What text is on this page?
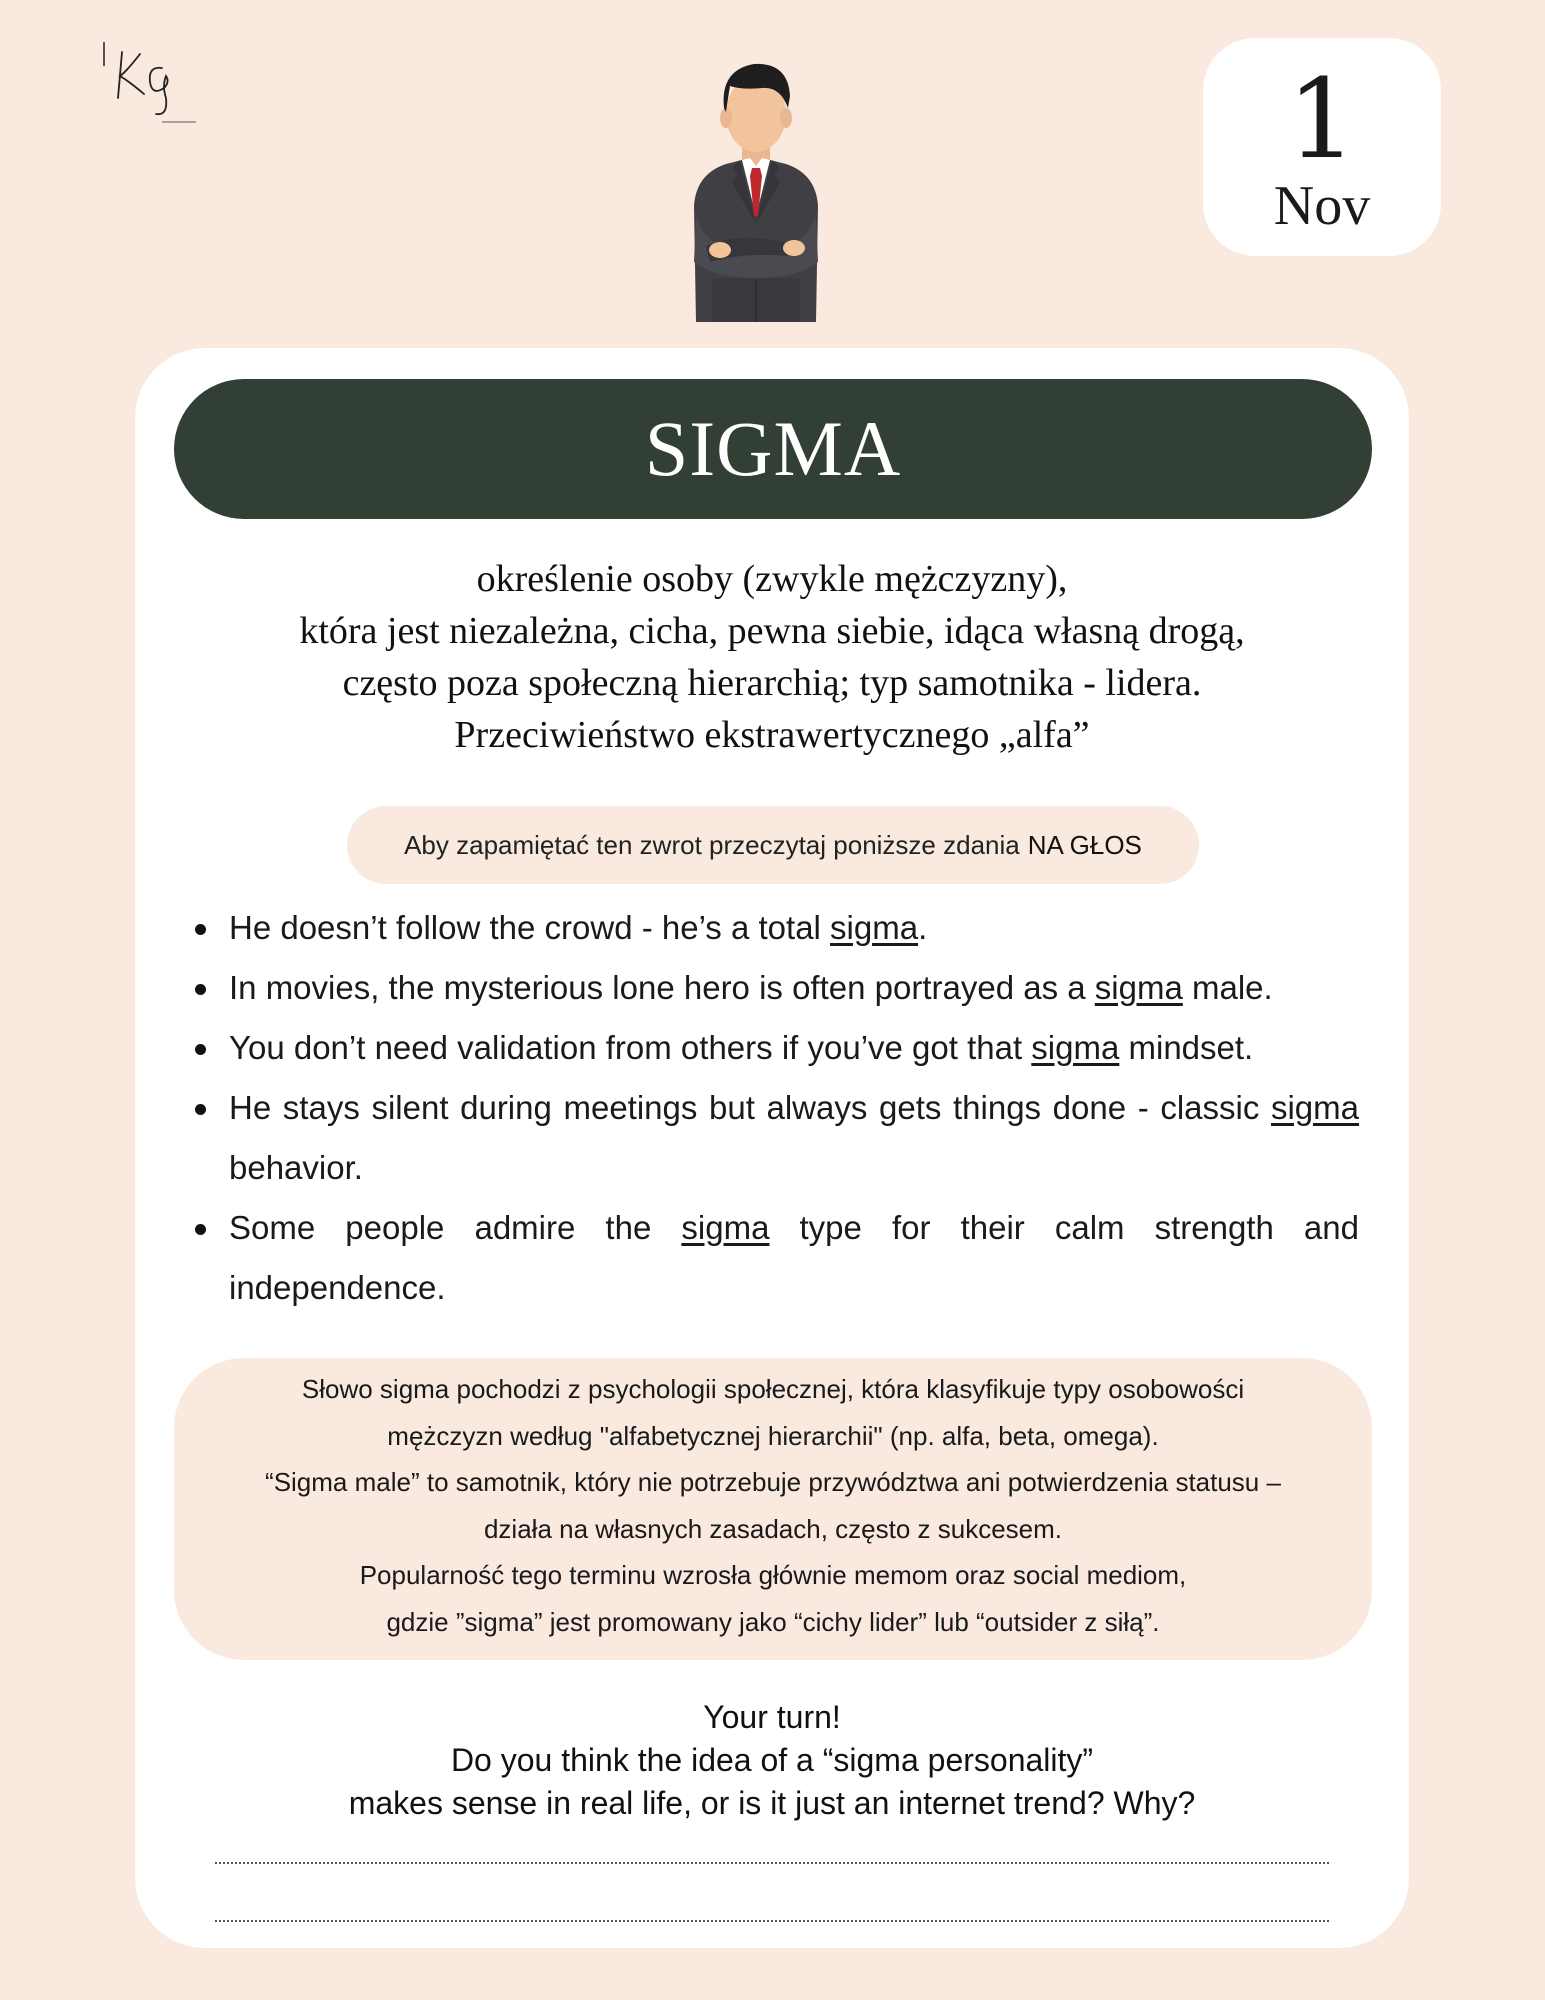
1
Nov
SIGMA
określenie osoby (zwykle mężczyzny),
która jest niezależna, cicha, pewna siebie, idąca własną drogą,
często poza społeczną hierarchią; typ samotnika - lidera.
Przeciwieństwo ekstrawertycznego „alfa”
Aby zapamiętać ten zwrot przeczytaj poniższe zdania NA GŁOS
He doesn’t follow the crowd - he’s a total sigma.
In movies, the mysterious lone hero is often portrayed as a sigma male.
You don’t need validation from others if you’ve got that sigma mindset.
He stays silent during meetings but always gets things done - classic sigma behavior.
Some people admire the sigma type for their calm strength and independence.
Słowo sigma pochodzi z psychologii społecznej, która klasyfikuje typy osobowości
mężczyzn według "alfabetycznej hierarchii" (np. alfa, beta, omega).
“Sigma male” to samotnik, który nie potrzebuje przywództwa ani potwierdzenia statusu –
działa na własnych zasadach, często z sukcesem.
Popularność tego terminu wzrosła głównie memom oraz social mediom,
gdzie ”sigma” jest promowany jako “cichy lider” lub “outsider z siłą”.
Your turn!
Do you think the idea of a “sigma personality”
makes sense in real life, or is it just an internet trend? Why?
